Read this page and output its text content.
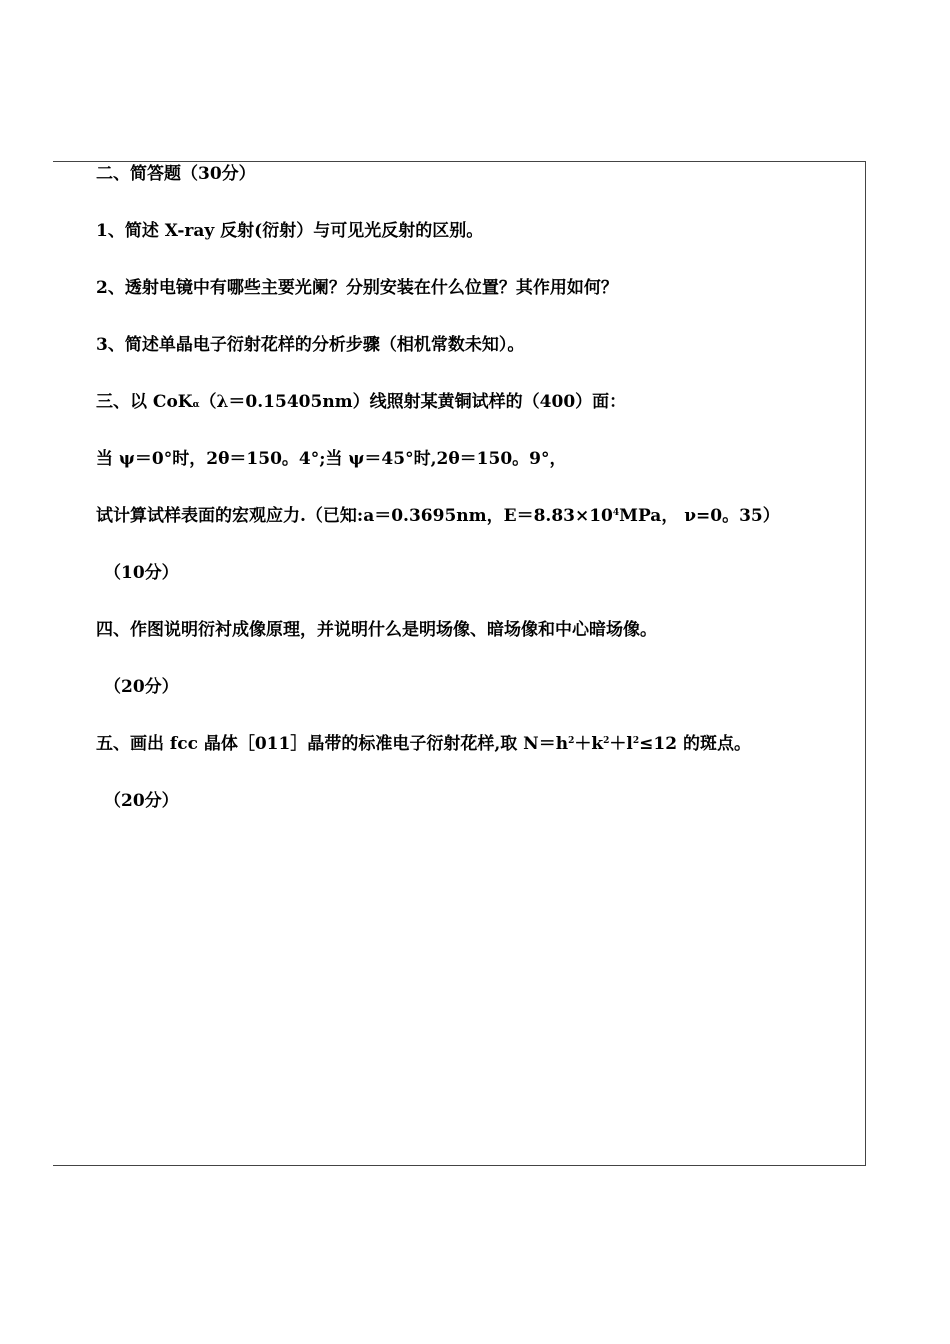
二、简答题（30分）
1、简述 X-ray 反射(衍射）与可见光反射的区别。
2、透射电镜中有哪些主要光阑？分别安装在什么位置？其作用如何？
3、简述单晶电子衍射花样的分析步骤（相机常数未知）。
三、以 CoKα（λ＝0.15405nm）线照射某黄铜试样的（400）面：
当 ψ＝0°时，2θ＝150。4°;当 ψ＝45°时,2θ＝150。9°，
试计算试样表面的宏观应力.（已知:a＝0.3695nm，$E=8.83\times 10^4MPa$， ν=0。35）
（10分）
四、作图说明衍衬成像原理，并说明什么是明场像、暗场像和中心暗场像。
（20分）
五、画出 fcc 晶体［011］晶带的标准电子衍射花样,取 $N=h^2+k^2+l^2\le 12$ 的斑点。
（20分）
